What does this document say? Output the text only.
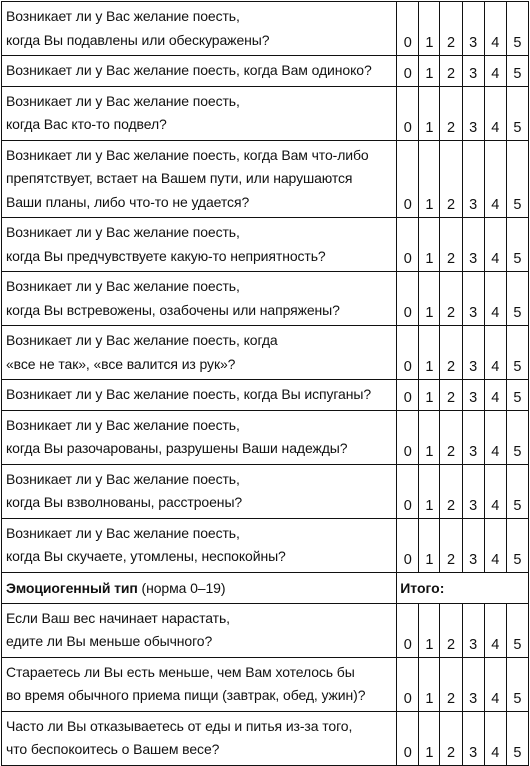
Возникает ли у Вас желание поесть,
когда Вы подавлены или обескуражены?	0	1	2	3	4	5

Возникает ли у Вас желание поесть, когда Вам одиноко?	0	1	2	3	4	5

Возникает ли у Вас желание поесть,
когда Вас кто-то подвел?	0	1	2	3	4	5

Возникает ли у Вас желание поесть, когда Вам что-либо
препятствует, встает на Вашем пути, или нарушаются
Ваши планы, либо что-то не удается?	0	1	2	3	4	5

Возникает ли у Вас желание поесть,
когда Вы предчувствуете какую-то неприятность?	0	1	2	3	4	5

Возникает ли у Вас желание поесть,
когда Вы встревожены, озабочены или напряжены?	0	1	2	3	4	5

Возникает ли у Вас желание поесть, когда
«все не так», «все валится из рук»?	0	1	2	3	4	5

Возникает ли у Вас желание поесть, когда Вы испуганы?	0	1	2	3	4	5

Возникает ли у Вас желание поесть,
когда Вы разочарованы, разрушены Ваши надежды?	0	1	2	3	4	5

Возникает ли у Вас желание поесть,
когда Вы взволнованы, расстроены?	0	1	2	3	4	5

Возникает ли у Вас желание поесть,
когда Вы скучаете, утомлены, неспокойны?	0	1	2	3	4	5
Эмоциогенный тип (норма 0–19)	Итого:					

Если Ваш вес начинает нарастать,
едите ли Вы меньше обычного?	0	1	2	3	4	5

Стараетесь ли Вы есть меньше, чем Вам хотелось бы
во время обычного приема пищи (завтрак, обед, ужин)?	0	1	2	3	4	5

Часто ли Вы отказываетесь от еды и питья из-за того,
что беспокоитесь о Вашем весе?	0	1	2	3	4	5
